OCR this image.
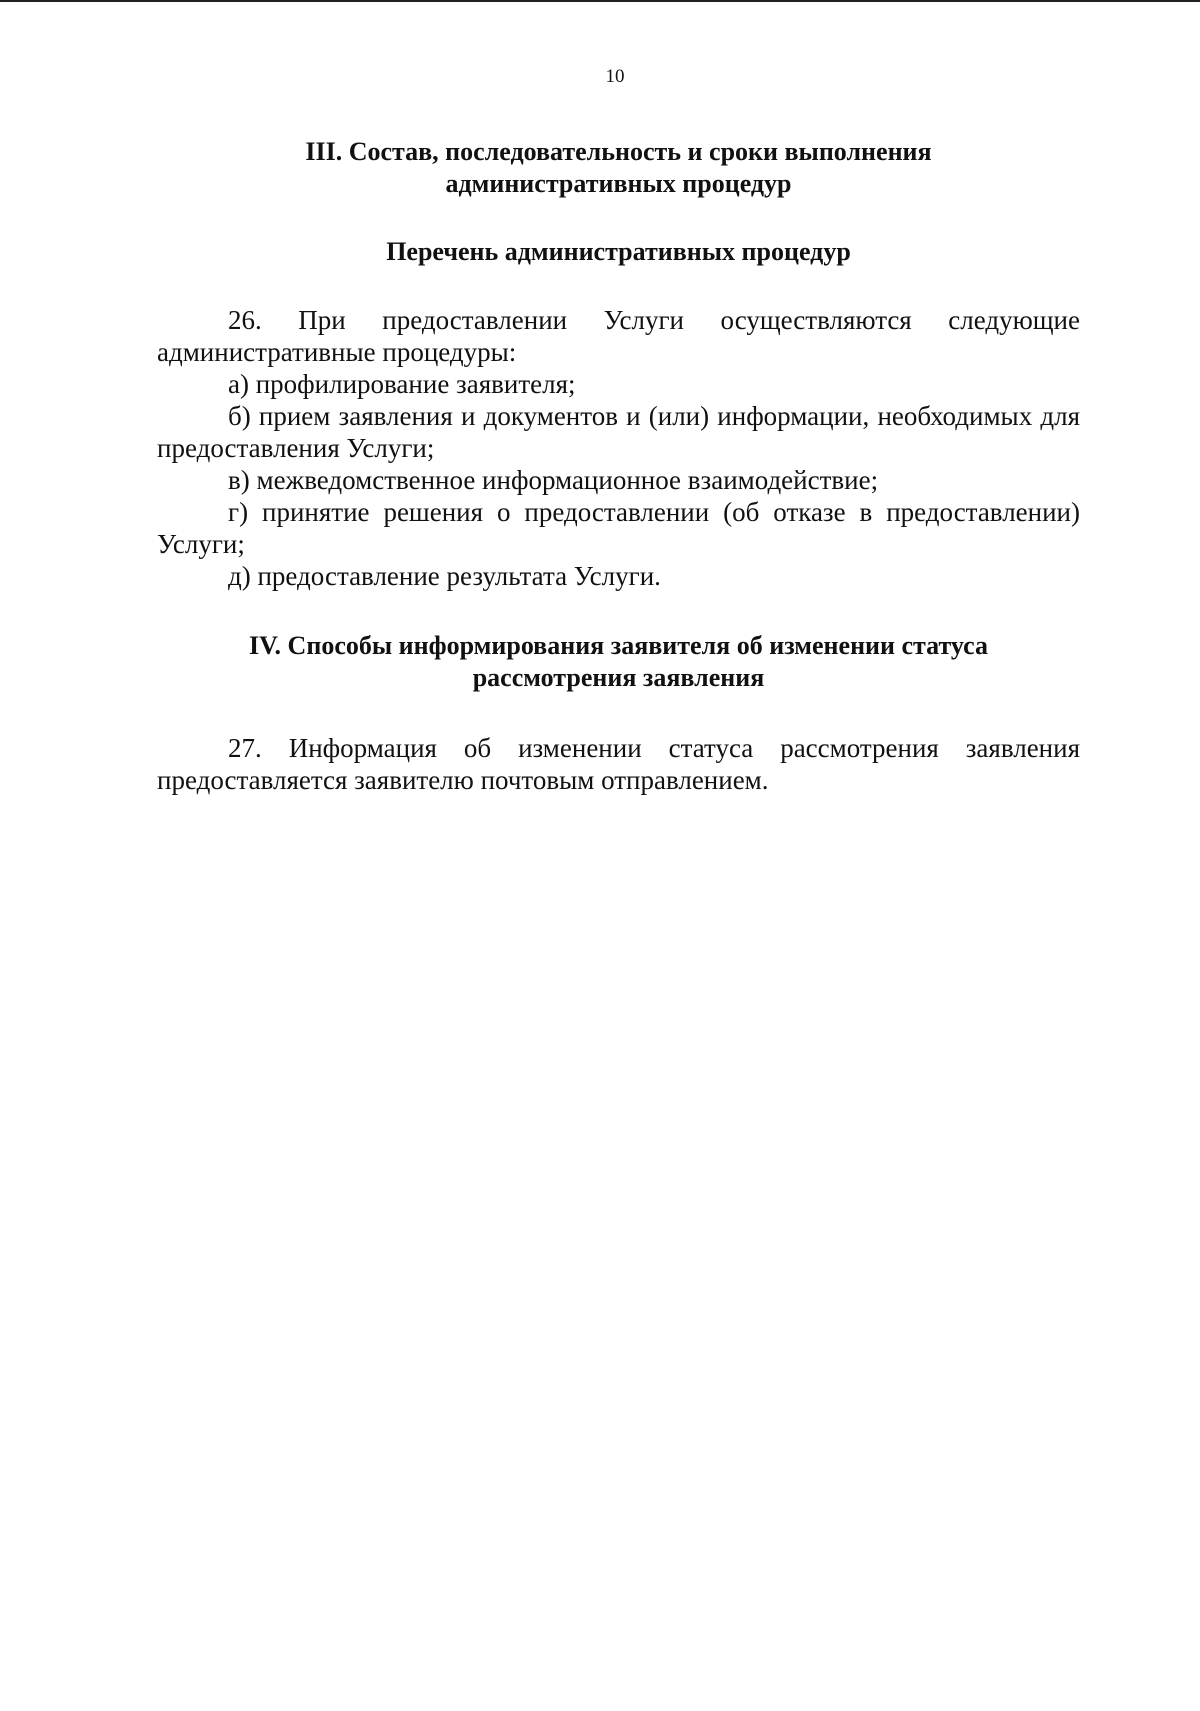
10
III. Состав, последовательность и сроки выполнения
административных процедур
Перечень административных процедур

26. При предоставлении Услуги осуществляются следующие административные процедуры:

а) профилирование заявителя;
б) прием заявления и документов и (или) информации, необходимых для предоставления Услуги;
в) межведомственное информационное взаимодействие;
г) принятие решения о предоставлении (об отказе в предоставлении) Услуги;
д) предоставление результата Услуги.
IV. Способы информирования заявителя об изменении статуса
рассмотрения заявления

27. Информация об изменении статуса рассмотрения заявления предоставляется заявителю почтовым отправлением.
